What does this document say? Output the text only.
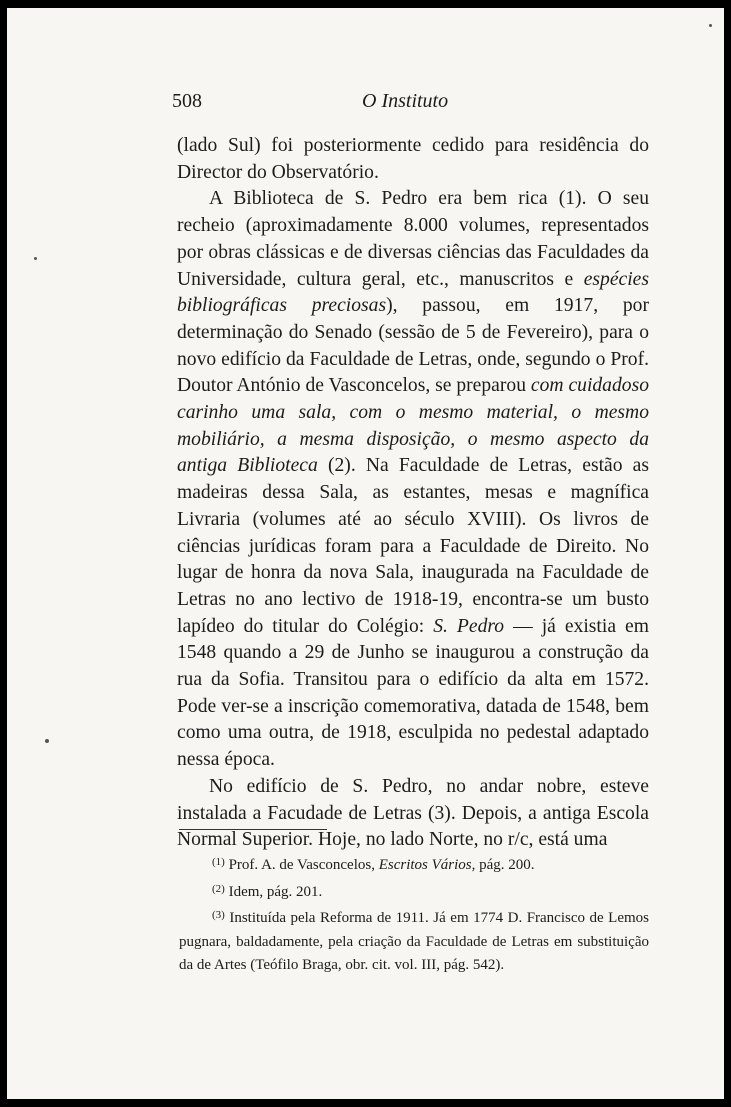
508	O Instituto

(lado Sul) foi posteriormente cedido para residência do Director do Observatório.

A Biblioteca de S. Pedro era bem rica (1). O seu recheio (aproximadamente 8.000 volumes, representados por obras clássicas e de diversas ciências das Faculdades da Universidade, cultura geral, etc., manuscritos e espécies bibliográficas preciosas), passou, em 1917, por determinação do Senado (sessão de 5 de Fevereiro), para o novo edifício da Faculdade de Letras, onde, segundo o Prof. Doutor António de Vasconcelos, se preparou com cuidadoso carinho uma sala, com o mesmo material, o mesmo mobiliário, a mesma disposição, o mesmo aspecto da antiga Biblioteca (2). Na Faculdade de Letras, estão as madeiras dessa Sala, as estantes, mesas e magnífica Livraria (volumes até ao século XVIII). Os livros de ciências jurídicas foram para a Faculdade de Direito. No lugar de honra da nova Sala, inaugurada na Faculdade de Letras no ano lectivo de 1918-19, encontra-se um busto lapídeo do titular do Colégio: S. Pedro — já existia em 1548 quando a 29 de Junho se inaugurou a construção da rua da Sofia. Transitou para o edifício da alta em 1572. Pode ver-se a inscrição comemorativa, datada de 1548, bem como uma outra, de 1918, esculpida no pedestal adaptado nessa época.

No edifício de S. Pedro, no andar nobre, esteve instalada a Facudade de Letras (3). Depois, a antiga Escola Normal Superior. Hoje, no lado Norte, no r/c, está uma

$^{(1)}$ Prof. A. de Vasconcelos, Escritos Vários, pág. 200.

$^{(2)}$ Idem, pág. 201.

$^{(3)}$ Instituída pela Reforma de 1911. Já em 1774 D. Francisco de Lemos pugnara, baldadamente, pela criação da Faculdade de Letras em substituição da de Artes (Teófilo Braga, obr. cit. vol. III, pág. 542).
